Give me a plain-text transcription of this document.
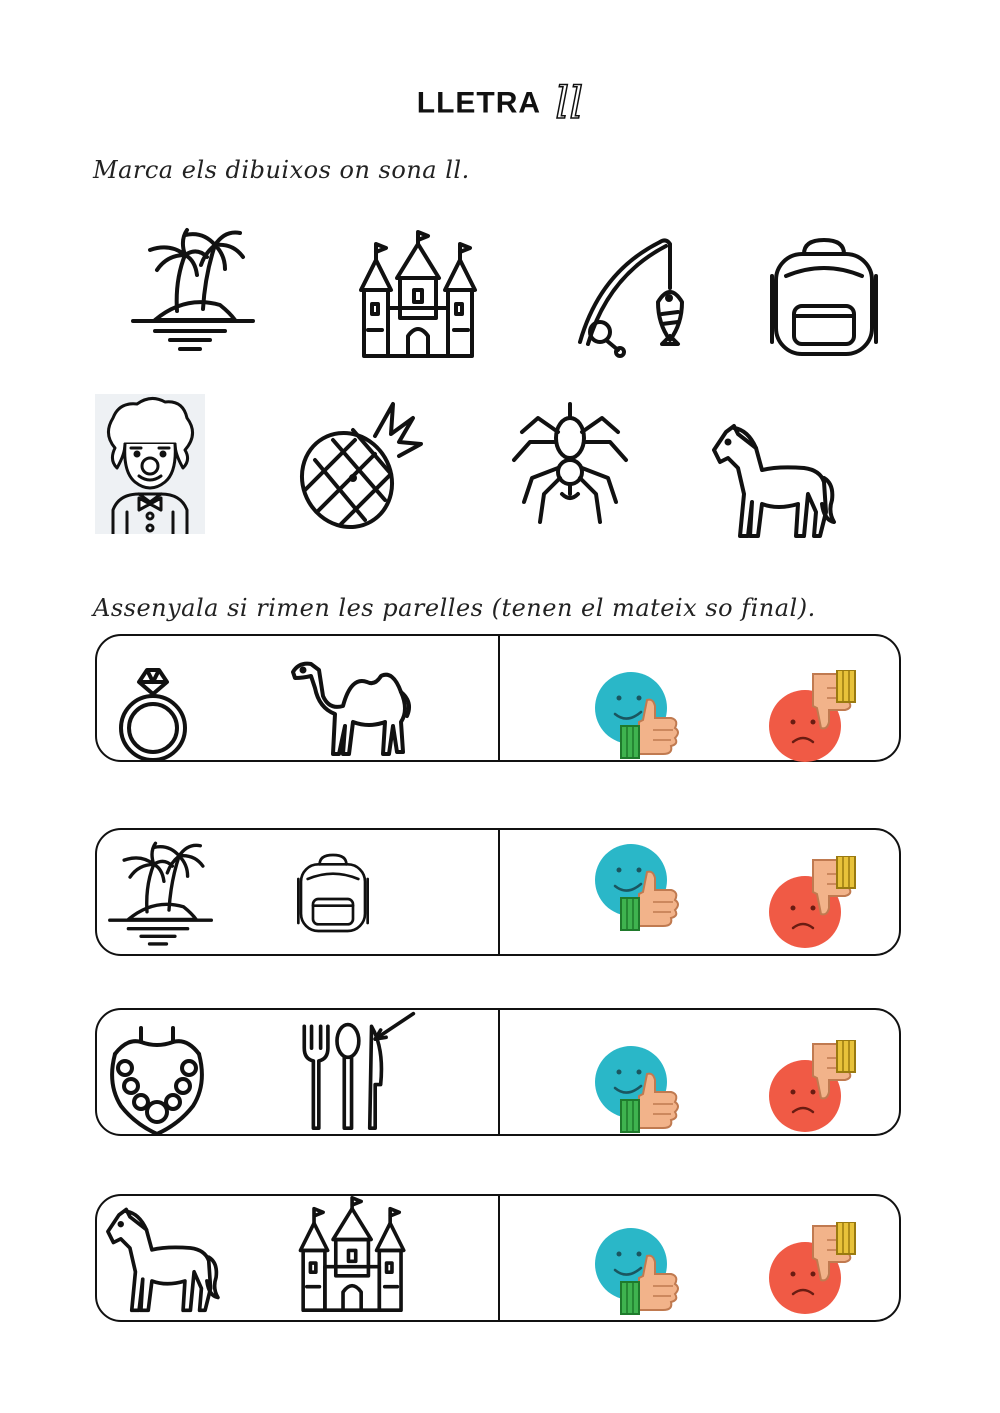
LLETRA ll
Marca els dibuixos on sona ll.
Assenyala si rimen les parelles (tenen el mateix so final).
